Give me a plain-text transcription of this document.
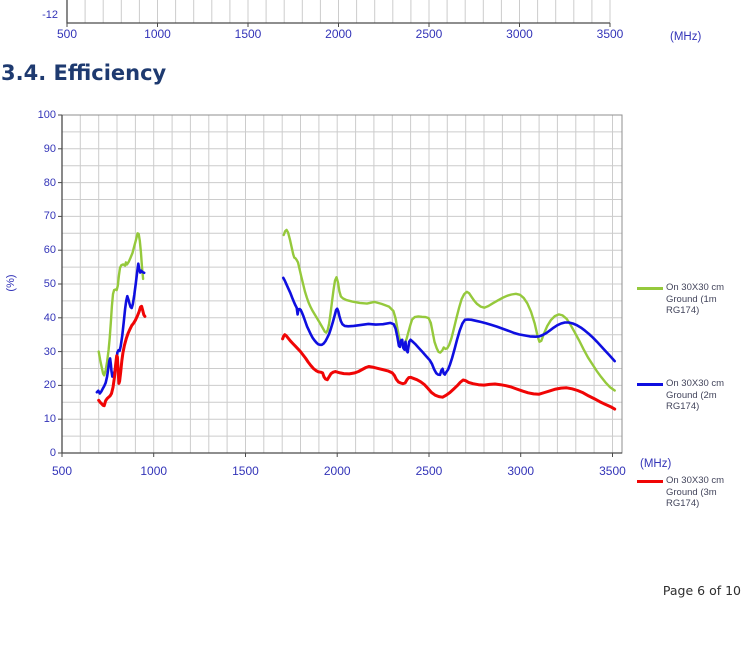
-12
500	1000	1500	2000	2500	3000	3500	(MHz)
3.4. Efficiency
0
10
20
30
40
50
60
70
80
90
100
500	1000	1500	2000	2500	3000	3500
(%)
(MHz)
On 30X30 cm Ground (1m RG174)
On 30X30 cm Ground (2m RG174)
On 30X30 cm Ground (3m RG174)
Page 6 of 10
